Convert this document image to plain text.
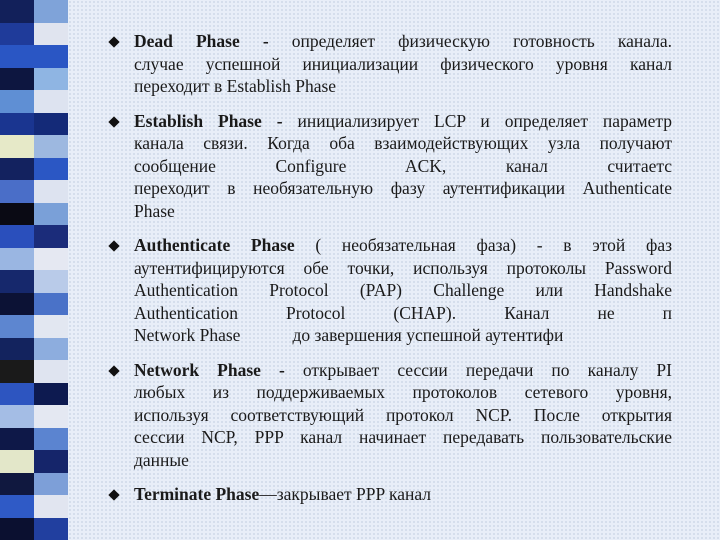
Dead Phase - определяет физическую готовность канала.
случае успешной инициализации физического уровня канал
переходит в Establish Phase
Establish Phase - инициализирует LCP и определяет параметр
канала связи. Когда оба взаимодействующих узла получают
сообщение Configure ACK,	канал считаетс
переходит в необязательную фазу аутентификации Authenticate
Phase
Authenticate Phase ( необязательная фаза) - в этой фаз
аутентифицируются обе точки, используя протоколы Password
Authentication Protocol (PAP) Challenge или Handshake
Authentication Protocol (CHAP).	Канал не п
Network Phase	до завершения успешной аутентифи
Network Phase - открывает сессии передачи по каналу PI
любых из поддерживаемых протоколов сетевого уровня,
используя соответствующий протокол NCP. После открытия
сессии NCP, PPP канал начинает передавать пользовательские
данные
Terminate Phase—закрывает PPP канал
